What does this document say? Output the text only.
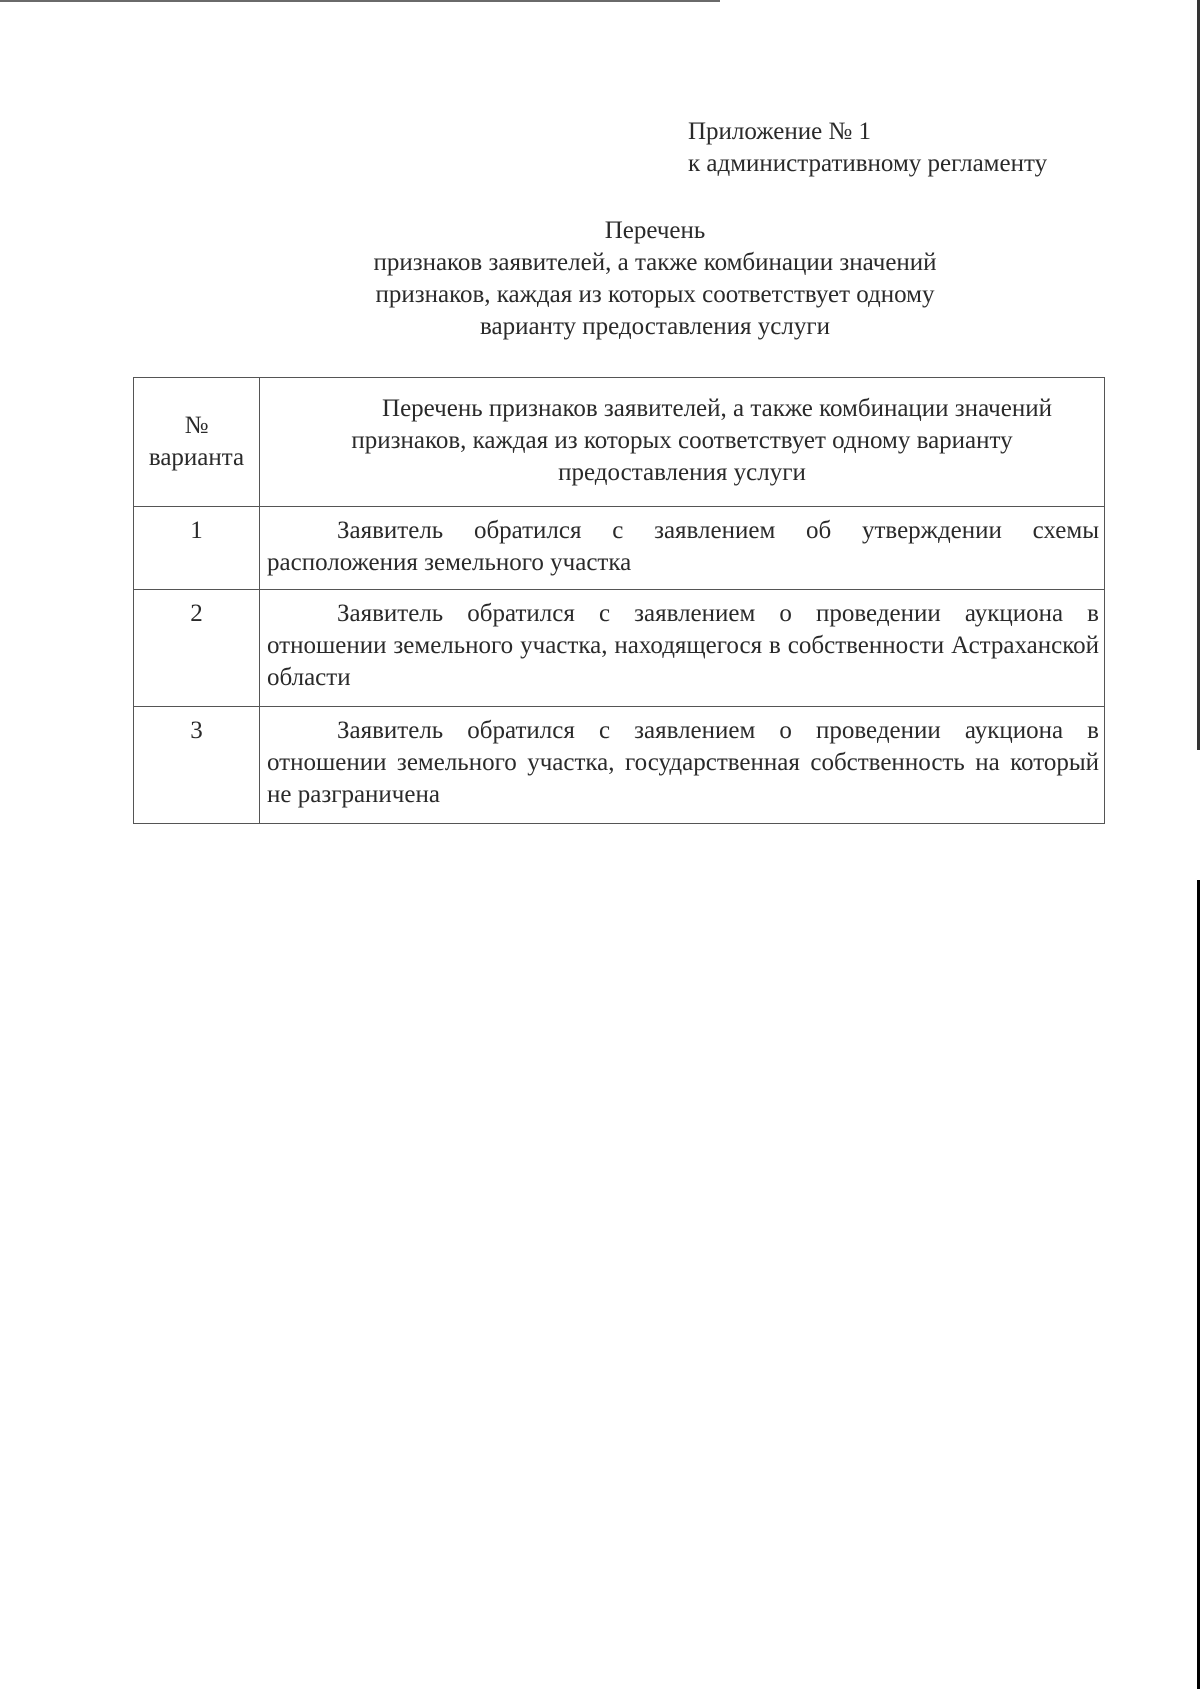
Приложение № 1
к административному регламенту
Перечень
признаков заявителей, а также комбинации значений
признаков, каждая из которых соответствует одному
варианту предоставления услуги
№
варианта	Перечень признаков заявителей, а также комбинации значений признаков, каждая из которых соответствует одному варианту предоставления услуги
1	Заявитель обратился с заявлением об утверждении схемы расположения земельного участка
2	Заявитель обратился с заявлением о проведении аукциона в отношении земельного участка, находящегося в собственности Астраханской области
3	Заявитель обратился с заявлением о проведении аукциона в отношении земельного участка, государственная собственность на который не разграничена
